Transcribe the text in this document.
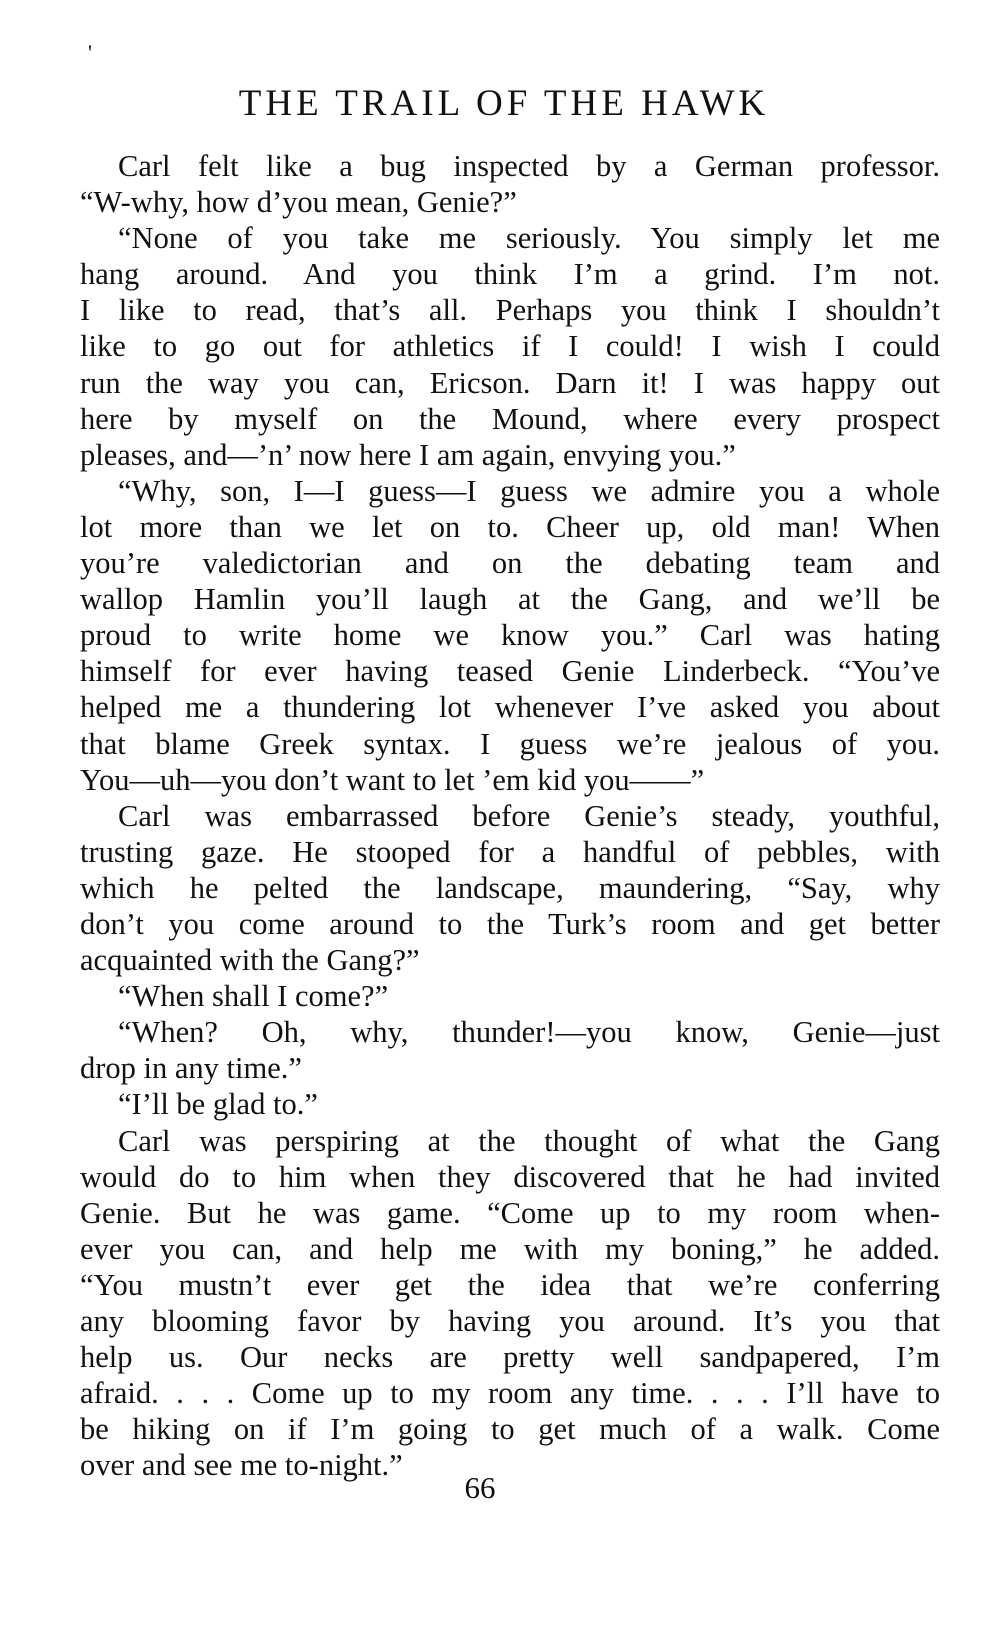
'
THE TRAIL OF THE HAWK
Carl felt like a bug inspected by a German professor.
“W-why, how d’you mean, Genie?”
“None of you take me seriously. You simply let me
hang around. And you think I’m a grind. I’m not.
I like to read, that’s all. Perhaps you think I shouldn’t
like to go out for athletics if I could! I wish I could
run the way you can, Ericson. Darn it! I was happy out
here by myself on the Mound, where every prospect
pleases, and—’n’ now here I am again, envying you.”
“Why, son, I—I guess—I guess we admire you a whole
lot more than we let on to. Cheer up, old man! When
you’re valedictorian and on the debating team and
wallop Hamlin you’ll laugh at the Gang, and we’ll be
proud to write home we know you.” Carl was hating
himself for ever having teased Genie Linderbeck. “You’ve
helped me a thundering lot whenever I’ve asked you about
that blame Greek syntax. I guess we’re jealous of you.
You—uh—you don’t want to let ’em kid you——”
Carl was embarrassed before Genie’s steady, youthful,
trusting gaze. He stooped for a handful of pebbles, with
which he pelted the landscape, maundering, “Say, why
don’t you come around to the Turk’s room and get better
acquainted with the Gang?”
“When shall I come?”
“When? Oh, why, thunder!—you know, Genie—just
drop in any time.”
“I’ll be glad to.”
Carl was perspiring at the thought of what the Gang
would do to him when they discovered that he had invited
Genie. But he was game. “Come up to my room when-
ever you can, and help me with my boning,” he added.
“You mustn’t ever get the idea that we’re conferring
any blooming favor by having you around. It’s you that
help us. Our necks are pretty well sandpapered, I’m
afraid. . . . Come up to my room any time. . . . I’ll have to
be hiking on if I’m going to get much of a walk. Come
over and see me to-night.”
66
